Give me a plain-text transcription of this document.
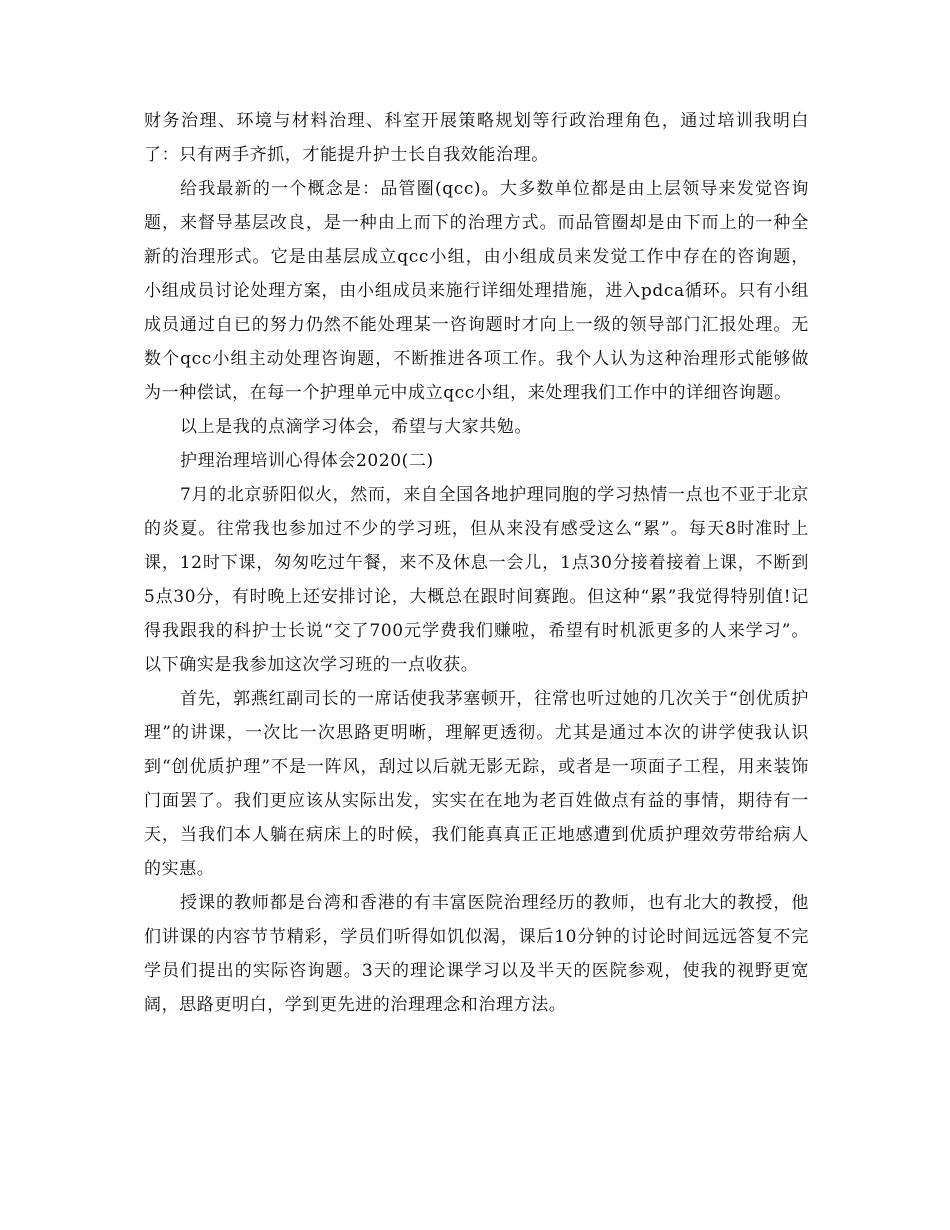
财务治理、环境与材料治理、科室开展策略规划等行政治理角色，通过培训我明白了：只有两手齐抓，才能提升护士长自我效能治理。

给我最新的一个概念是：品管圈(qcc)。大多数单位都是由上层领导来发觉咨询题，来督导基层改良，是一种由上而下的治理方式。而品管圈却是由下而上的一种全新的治理形式。它是由基层成立qcc小组，由小组成员来发觉工作中存在的咨询题，小组成员讨论处理方案，由小组成员来施行详细处理措施，进入pdca循环。只有小组成员通过自已的努力仍然不能处理某一咨询题时才向上一级的领导部门汇报处理。无数个qcc小组主动处理咨询题，不断推进各项工作。我个人认为这种治理形式能够做为一种偿试，在每一个护理单元中成立qcc小组，来处理我们工作中的详细咨询题。

以上是我的点滴学习体会，希望与大家共勉。

护理治理培训心得体会2020(二)

7月的北京骄阳似火，然而，来自全国各地护理同胞的学习热情一点也不亚于北京的炎夏。往常我也参加过不少的学习班，但从来没有感受这么“累”。每天8时准时上课，12时下课，匆匆吃过午餐，来不及休息一会儿，1点30分接着接着上课，不断到5点30分，有时晚上还安排讨论，大概总在跟时间赛跑。但这种“累”我觉得特别值!记得我跟我的科护士长说“交了700元学费我们赚啦，希望有时机派更多的人来学习”。以下确实是我参加这次学习班的一点收获。

首先，郭燕红副司长的一席话使我茅塞顿开，往常也听过她的几次关于“创优质护理”的讲课，一次比一次思路更明晰，理解更透彻。尤其是通过本次的讲学使我认识到“创优质护理”不是一阵风，刮过以后就无影无踪，或者是一项面子工程，用来装饰门面罢了。我们更应该从实际出发，实实在在地为老百姓做点有益的事情，期待有一天，当我们本人躺在病床上的时候，我们能真真正正地感遭到优质护理效劳带给病人的实惠。

授课的教师都是台湾和香港的有丰富医院治理经历的教师，也有北大的教授，他们讲课的内容节节精彩，学员们听得如饥似渴，课后10分钟的讨论时间远远答复不完学员们提出的实际咨询题。3天的理论课学习以及半天的医院参观，使我的视野更宽阔，思路更明白，学到更先进的治理理念和治理方法。
